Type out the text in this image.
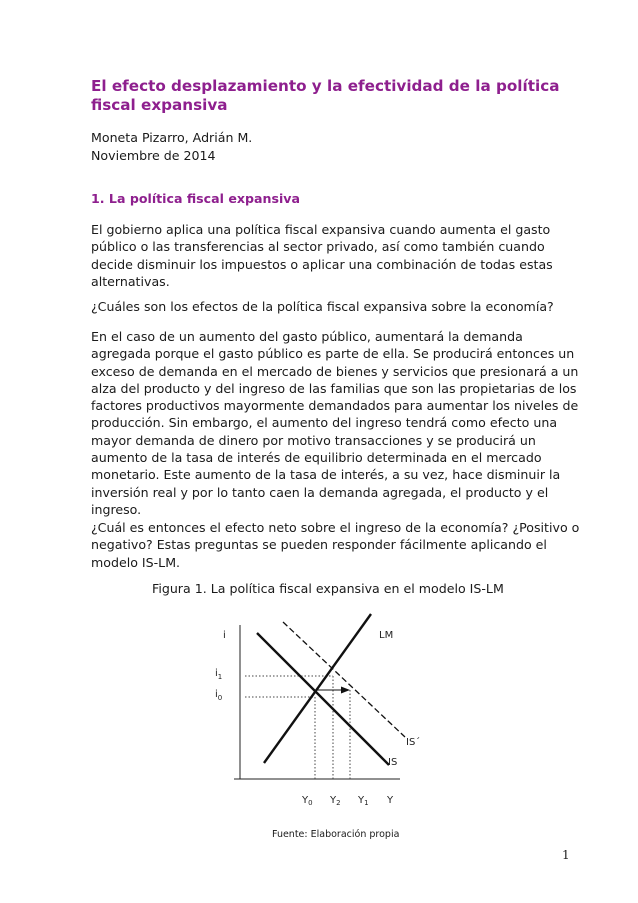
El efecto desplazamiento y la efectividad de la política fiscal expansiva
Moneta Pizarro, Adrián M.
Noviembre de 2014
1. La política fiscal expansiva

El gobierno aplica una política fiscal expansiva cuando aumenta el gasto público o las transferencias al sector privado, así como también cuando decide disminuir los impuestos o aplicar una combinación de todas estas alternativas.

¿Cuáles son los efectos de la política fiscal expansiva sobre la economía?

En el caso de un aumento del gasto público, aumentará la demanda agregada porque el gasto público es parte de ella. Se producirá entonces un exceso de demanda en el mercado de bienes y servicios que presionará a un alza del producto y del ingreso de las familias que son las propietarias de los factores productivos mayormente demandados para aumentar los niveles de producción. Sin embargo, el aumento del ingreso tendrá como efecto una mayor demanda de dinero por motivo transacciones y se producirá un aumento de la tasa de interés de equilibrio determinada en el mercado monetario. Este aumento de la tasa de interés, a su vez, hace disminuir la inversión real y por lo tanto caen la demanda agregada, el producto y el ingreso.

¿Cuál es entonces el efecto neto sobre el ingreso de la economía? ¿Positivo o negativo? Estas preguntas se pueden responder fácilmente aplicando el modelo IS-LM.

Figura 1. La política fiscal expansiva en el modelo IS-LM
i	LM
$i_1$
$i_0$
IS´
IS
$Y_0$ $Y_2$ $Y_1$ Y
Fuente: Elaboración propia
1
